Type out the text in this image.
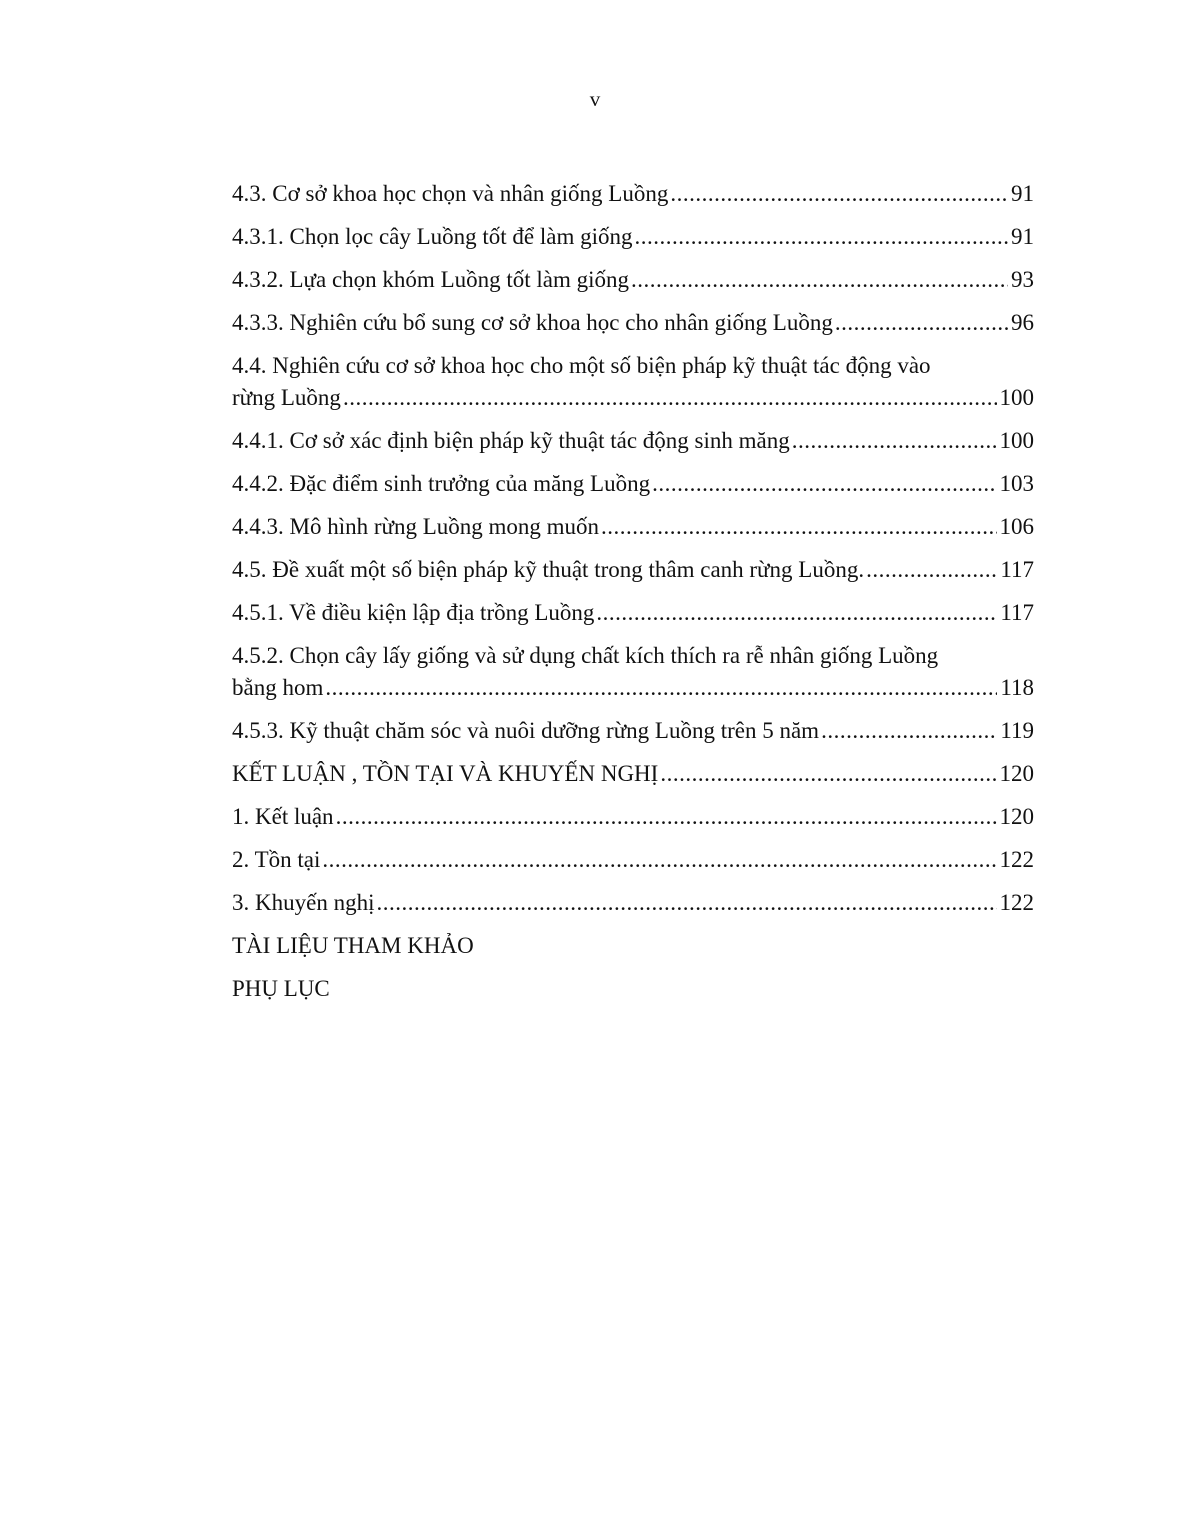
v
4.3. Cơ sở khoa học chọn và nhân giống Luồng .....	91
4.3.1. Chọn lọc cây Luồng tốt để làm giống .....	91
4.3.2. Lựa chọn khóm Luồng tốt làm giống .....	93
4.3.3. Nghiên cứu bổ sung cơ sở khoa học cho nhân giống Luồng .....	96
4.4. Nghiên cứu cơ sở khoa học cho một số biện pháp kỹ thuật tác động vào
rừng Luồng .....	100
4.4.1. Cơ sở xác định biện pháp kỹ thuật tác động sinh măng .....	100
4.4.2. Đặc điểm sinh trưởng của măng Luồng .....	103
4.4.3. Mô hình rừng Luồng mong muốn .....	106
4.5. Đề xuất một số biện pháp kỹ thuật trong thâm canh rừng Luồng. .....	117
4.5.1. Về điều kiện lập địa trồng Luồng .....	117
4.5.2. Chọn cây lấy giống và sử dụng chất kích thích ra rễ nhân giống Luồng
bằng hom .....	118
4.5.3. Kỹ thuật chăm sóc và nuôi dưỡng rừng Luồng trên 5 năm .....	119
KẾT LUẬN , TỒN TẠI VÀ KHUYẾN NGHỊ .....	120
1. Kết luận .....	120
2. Tồn tại .....	122
3. Khuyến nghị .....	122
TÀI LIỆU THAM KHẢO
PHỤ LỤC
